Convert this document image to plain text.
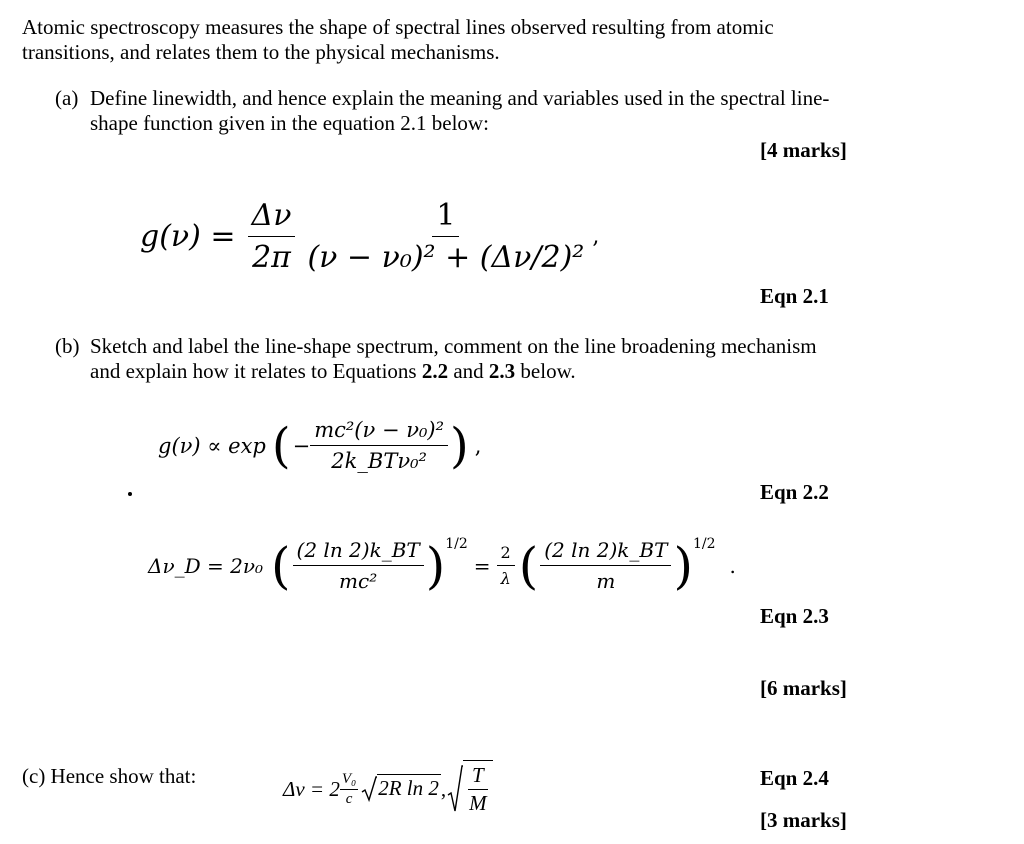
Atomic spectroscopy measures the shape of spectral lines observed resulting from atomic
transitions, and relates them to the physical mechanisms.
(a) Define linewidth, and hence explain the meaning and variables used in the spectral line-
shape function given in the equation 2.1 below:
[4 marks]
$g(\nu) = \frac{\Delta\nu}{2\pi} \frac{1}{\text{(ν − ν₀)² + (Δν/2)²}}$ ,
Eqn 2.1
(b) Sketch and label the line-shape spectrum, comment on the line broadening mechanism
and explain how it relates to Equations 2.2 and 2.3 below.
g(ν) ∝ exp ( − $\frac{\text{mc²(ν − ν₀)²}}{\text{2k\_BTν₀²}}$ ) ,
Eqn 2.2
Δν_D = 2ν₀ ( $\frac{(2 \ln 2)k\_BT}{\text{mc²}}$ ) 1/2
= $\frac{2}{\lambda}$ ( $\frac{(2 \ln 2)k\_BT}{m}$ ) 1/2
.
Eqn 2.3
[6 marks]
(c) Hence show that:
$\Delta\nu = 2 \frac{\text{V₀}}{c} 2R$ ln 2 , $\frac{T}{M}$	Eqn 2.4
[3 marks]
